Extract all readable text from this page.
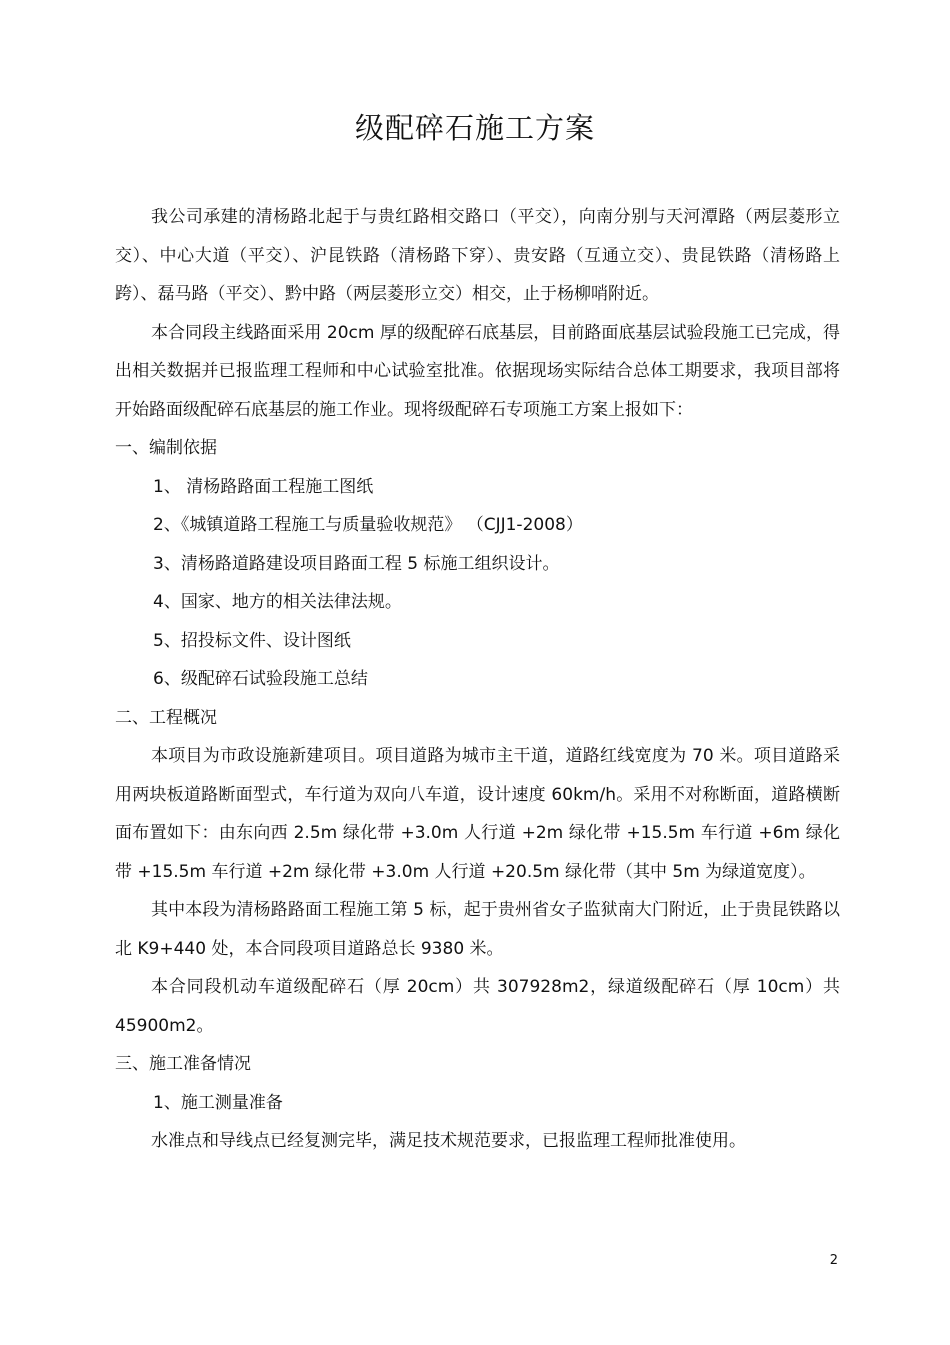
级配碎石施工方案

我公司承建的清杨路北起于与贵红路相交路口（平交），向南分别与天河潭路（两层菱形立交）、中心大道（平交）、沪昆铁路（清杨路下穿）、贵安路（互通立交）、贵昆铁路（清杨路上跨）、磊马路（平交）、黔中路（两层菱形立交）相交，止于杨柳哨附近。

本合同段主线路面采用 20cm 厚的级配碎石底基层，目前路面底基层试验段施工已完成，得出相关数据并已报监理工程师和中心试验室批准。依据现场实际结合总体工期要求，我项目部将开始路面级配碎石底基层的施工作业。现将级配碎石专项施工方案上报如下：

一、编制依据

1、 清杨路路面工程施工图纸

2、《城镇道路工程施工与质量验收规范》 （CJJ1-2008）

3、清杨路道路建设项目路面工程 5 标施工组织设计。

4、国家、地方的相关法律法规。

5、招投标文件、设计图纸

6、级配碎石试验段施工总结

二、工程概况

本项目为市政设施新建项目。项目道路为城市主干道，道路红线宽度为 70 米。项目道路采用两块板道路断面型式，车行道为双向八车道，设计速度 60km/h。采用不对称断面，道路横断面布置如下：由东向西 2.5m 绿化带 +3.0m 人行道 +2m 绿化带 +15.5m 车行道 +6m 绿化带 +15.5m 车行道 +2m 绿化带 +3.0m 人行道 +20.5m 绿化带（其中 5m 为绿道宽度）。

其中本段为清杨路路面工程施工第 5 标，起于贵州省女子监狱南大门附近，止于贵昆铁路以北 K9+440 处，本合同段项目道路总长 9380 米。

本合同段机动车道级配碎石（厚 20cm）共 307928m2，绿道级配碎石（厚 10cm）共 45900m2。

三、施工准备情况

1、施工测量准备

水准点和导线点已经复测完毕，满足技术规范要求，已报监理工程师批准使用。

2
